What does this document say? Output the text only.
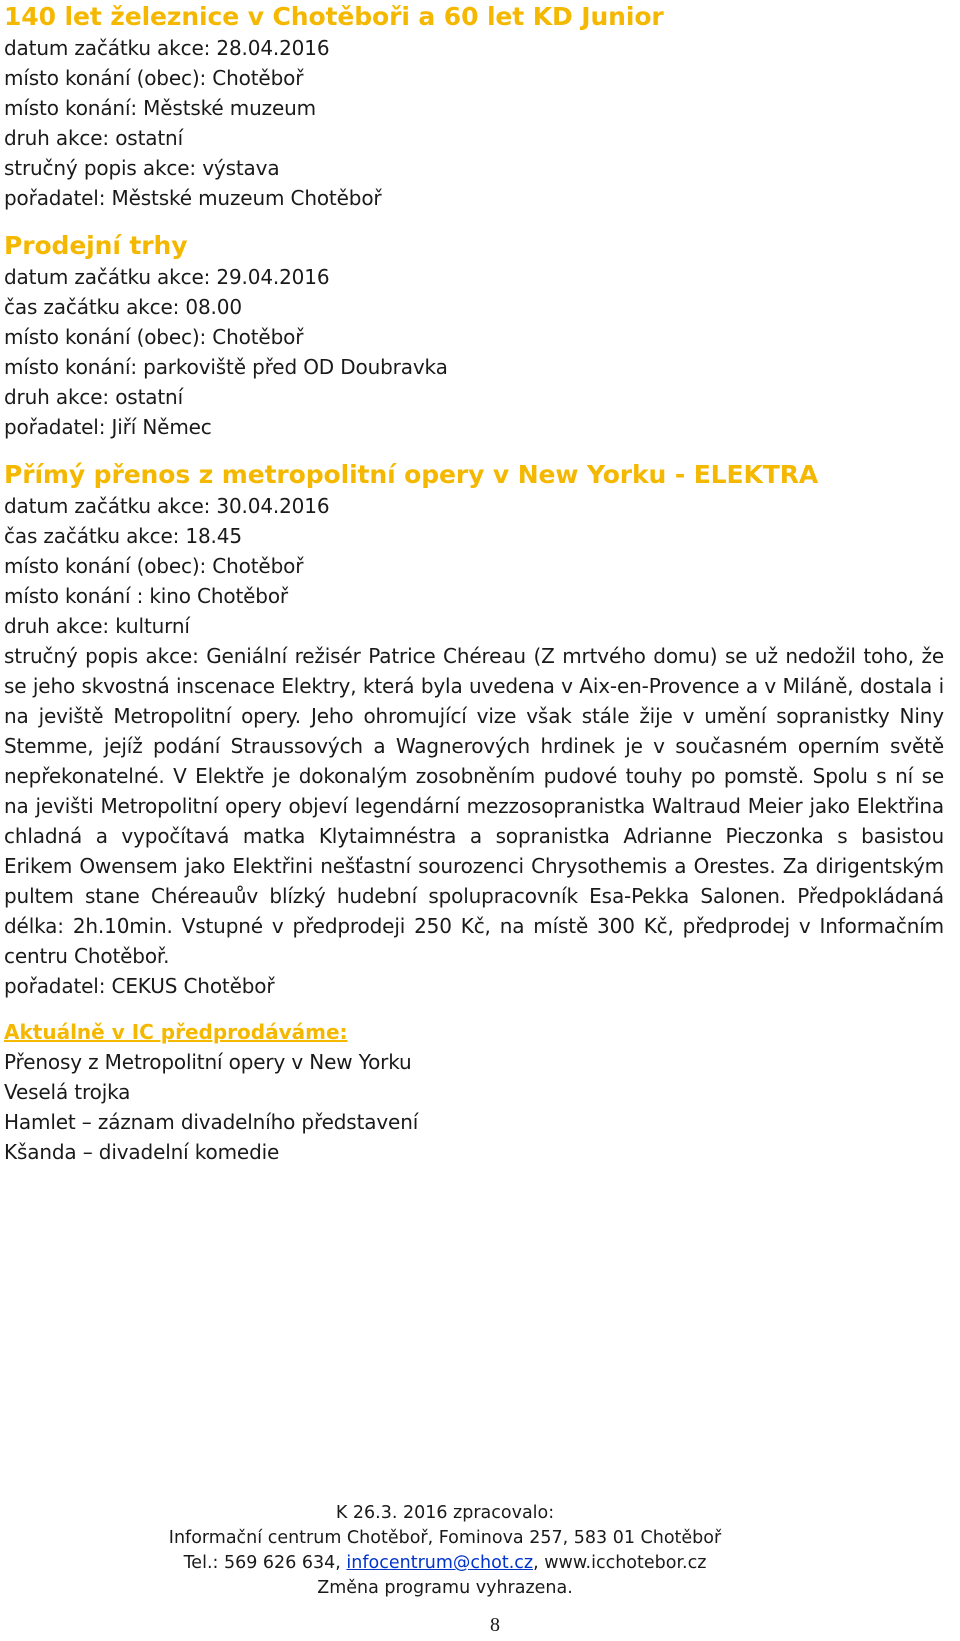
140 let železnice v Chotěboři a 60 let KD Junior
datum začátku akce: 28.04.2016
místo konání (obec): Chotěboř
místo konání: Městské muzeum
druh akce: ostatní
stručný popis akce: výstava
pořadatel: Městské muzeum Chotěboř
Prodejní trhy
datum začátku akce: 29.04.2016
čas začátku akce: 08.00
místo konání (obec): Chotěboř
místo konání: parkoviště před OD Doubravka
druh akce: ostatní
pořadatel: Jiří Němec
Přímý přenos z metropolitní opery v New Yorku - ELEKTRA
datum začátku akce: 30.04.2016
čas začátku akce: 18.45
místo konání (obec): Chotěboř
místo konání : kino Chotěboř
druh akce: kulturní

stručný popis akce: Geniální režisér Patrice Chéreau (Z mrtvého domu) se už nedožil toho, že se jeho skvostná inscenace Elektry, která byla uvedena v Aix-en-Provence a v Miláně, dostala i na jeviště Metropolitní opery. Jeho ohromující vize však stále žije v umění sopranistky Niny Stemme, jejíž podání Straussových a Wagnerových hrdinek je v současném operním světě nepřekonatelné. V Elektře je dokonalým zosobněním pudové touhy po pomstě. Spolu s ní se na jevišti Metropolitní opery objeví legendární mezzosopranistka Waltraud Meier jako Elektřina chladná a vypočítavá matka Klytaimnéstra a sopranistka Adrianne Pieczonka s basistou Erikem Owensem jako Elektřini nešťastní sourozenci Chrysothemis a Orestes. Za dirigentským pultem stane Chéreauův blízký hudební spolupracovník Esa-Pekka Salonen. Předpokládaná délka: 2h.10min. Vstupné v předprodeji 250 Kč, na místě 300 Kč, předprodej v Informačním centru Chotěboř.

pořadatel: CEKUS Chotěboř
Aktuálně v IC předprodáváme:
Přenosy z Metropolitní opery v New Yorku
Veselá trojka
Hamlet – záznam divadelního představení
Kšanda – divadelní komedie
K 26.3. 2016 zpracovalo:
Informační centrum Chotěboř, Fominova 257, 583 01 Chotěboř
Tel.: 569 626 634, infocentrum@chot.cz, www.icchotebor.cz
Změna programu vyhrazena.
8
